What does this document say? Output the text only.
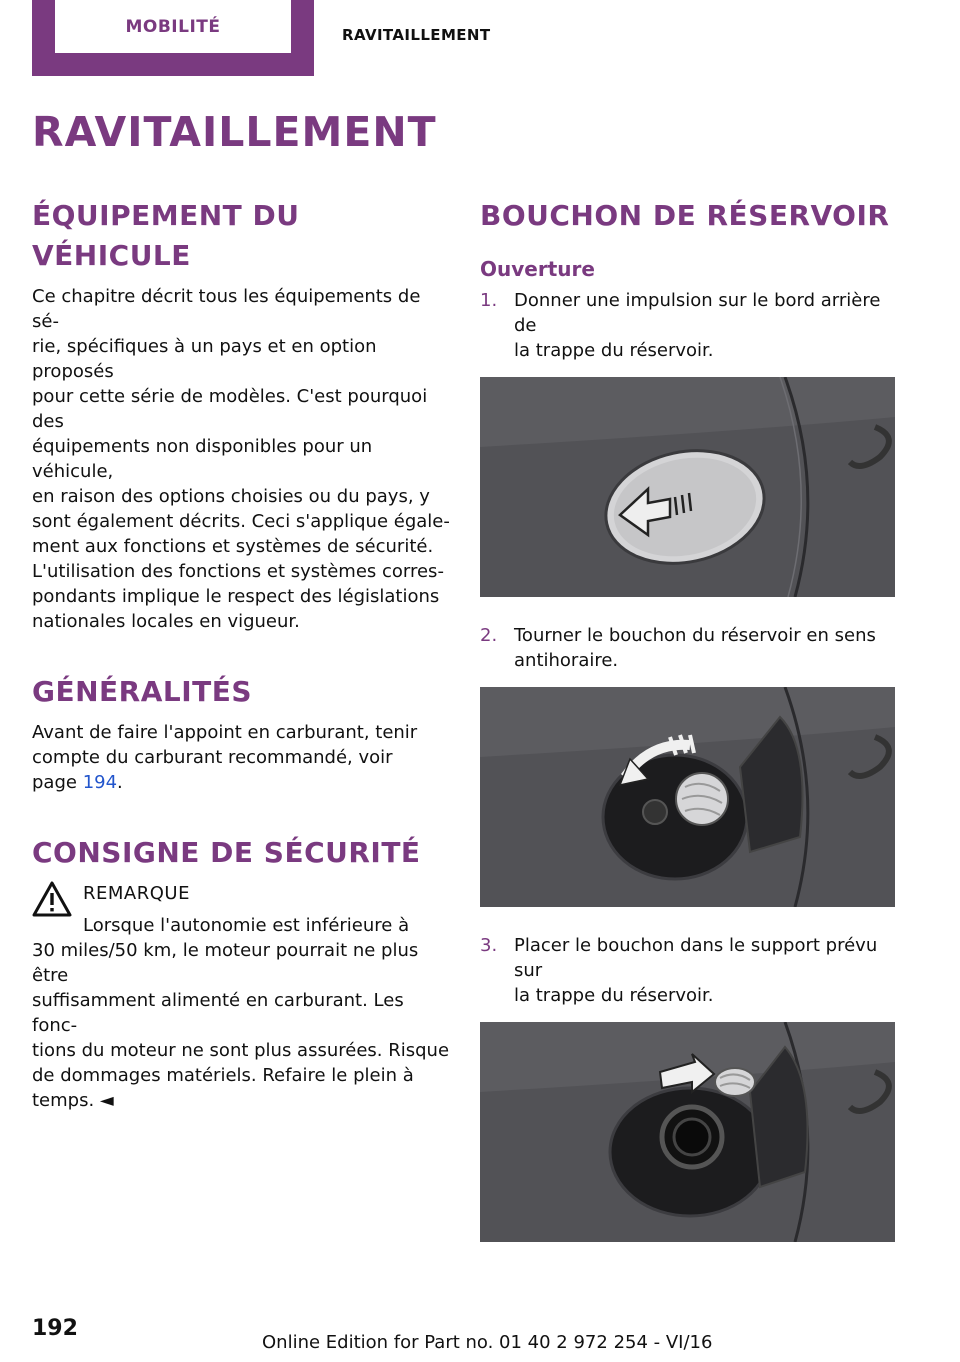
MOBILITÉ	RAVITAILLEMENT
RAVITAILLEMENT
ÉQUIPEMENT DU VÉHICULE

Ce chapitre décrit tous les équipements de sé‐

rie, spécifiques à un pays et en option proposés

pour cette série de modèles. C'est pourquoi des

équipements non disponibles pour un véhicule,

en raison des options choisies ou du pays, y

sont également décrits. Ceci s'applique égale‐

ment aux fonctions et systèmes de sécurité.

L'utilisation des fonctions et systèmes corres‐

pondants implique le respect des législations

nationales locales en vigueur.

GÉNÉRALITÉS

Avant de faire l'appoint en carburant, tenir

compte du carburant recommandé, voir

page 194.

CONSIGNE DE SÉCURITÉ

REMARQUE

Lorsque l'autonomie est inférieure à

30 miles/50 km, le moteur pourrait ne plus être

suffisamment alimenté en carburant. Les fonc‐

tions du moteur ne sont plus assurées. Risque

de dommages matériels. Refaire le plein à

temps. ◄

BOUCHON DE RÉSERVOIR
Ouverture
1. Donner une impulsion sur le bord arrière de
la trappe du réservoir.
2. Tourner le bouchon du réservoir en sens
antihoraire.
3. Placer le bouchon dans le support prévu sur
la trappe du réservoir.
192
Online Edition for Part no. 01 40 2 972 254 - VI/16
